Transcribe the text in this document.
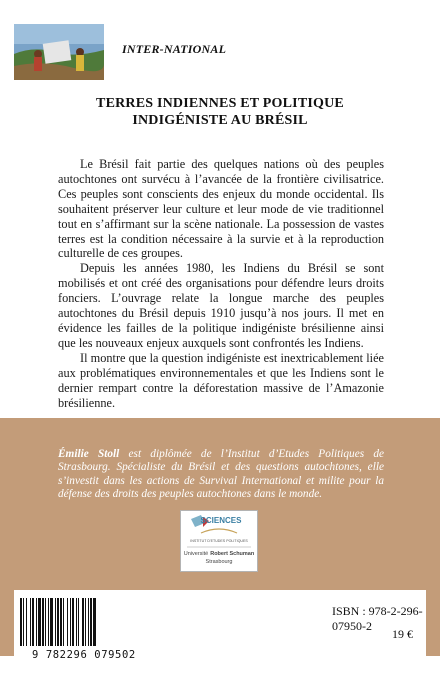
INTER-NATIONAL
TERRES INDIENNES ET POLITIQUE
INDIGÉNISTE AU BRÉSIL

Le Brésil fait partie des quelques nations où des peuples autochtones ont survécu à l’avancée de la frontière civilisatrice. Ces peuples sont conscients des enjeux du monde occidental. Ils souhaitent préserver leur culture et leur mode de vie traditionnel tout en s’affirmant sur la scène nationale. La possession de vastes terres est la condition nécessaire à la survie et à la reproduction culturelle de ces groupes.

Depuis les années 1980, les Indiens du Brésil se sont mobilisés et ont créé des organisations pour défendre leurs droits fonciers. L’ouvrage relate la longue marche des peuples autochtones du Brésil depuis 1910 jusqu’à nos jours. Il met en évidence les failles de la politique indigéniste brésilienne ainsi que les nouveaux enjeux auxquels sont confrontés les Indiens.

Il montre que la question indigéniste est inextricablement liée aux problématiques environnementales et que les Indiens sont le dernier rempart contre la déforestation massive de l’Amazonie brésilienne.

Émilie Stoll est diplômée de l’Institut d’Etudes Politiques de Strasbourg. Spécialiste du Brésil et des questions autochtones, elle s’investit dans les actions de Survival International et milite pour la défense des droits des peuples autochtones dans le monde.
SCIENCES
INSTITUT D'ETUDES POLITIQUES
Université Robert Schuman
Strasbourg
9 782296 079502
ISBN : 978-2-296-07950-2
19 €
